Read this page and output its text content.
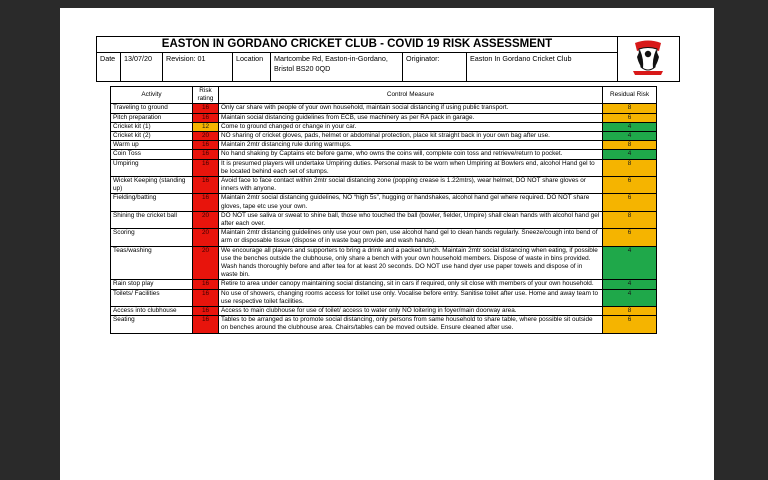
EASTON IN GORDANO CRICKET CLUB - COVID 19 RISK ASSESSMENT
Date	13/07/20	Revision: 01	Location	Martcombe Rd, Easton-in-Gordano, Bristol BS20 0QD
Originator:	Easton In Gordano Cricket Club
Activity	Risk rating	Control Measure	Residual Risk
Traveling to ground	16	Only car share with people of your own household, maintain social distancing if using public transport.	8
Pitch preparation	16	Maintain social distancing guidelines from ECB, use machinery as per RA pack in garage.	6
Cricket kit (1)	12	Come to ground changed or change in your car.	4
Cricket kit (2)	20	NO sharing of cricket gloves, pads, helmet or abdominal protection, place kit straight back in your own bag after use.	4
Warm up	16	Maintain 2mtr distancing rule during warmups.	8
Coin Toss	16	No hand shaking by Captains etc before game, who owns the coins will, complete coin toss and retrieve/return to pocket.	4
Umpiring	16	It is presumed players will undertake Umpiring duties. Personal mask to be worn when Umpiring at Bowlers end, alcohol Hand gel to be located behind each set of stumps.	8
Wicket Keeping (standing up)	16	Avoid face to face contact within 2mtr social distancing zone (popping crease is 1.22mtrs), wear helmet, DO NOT share gloves or inners with anyone.	6
Fielding/batting	16	Maintain 2mtr social distancing guidelines, NO “high 5s”, hugging or handshakes, alcohol hand gel where required. DO NOT share gloves, tape etc use your own.	6
Shining the cricket ball	20	DO NOT use saliva or sweat to shine ball, those who touched the ball (bowler, fielder, Umpire) shall clean hands with alcohol hand gel after each over.	8
Scoring	20	Maintain 2mtr distancing guidelines only use your own pen, use alcohol hand gel to clean hands regularly. Sneeze/cough into bend of arm or disposable tissue (dispose of in waste bag provide and wash hands).	6
Teas/washing	20	We encourage all players and supporters to bring a drink and a packed lunch. Maintain 2mtr social distancing when eating, if possible use the benches outside the clubhouse, only share a bench with your own household members. Dispose of waste in bins provided. Wash hands thoroughly before and after tea for at least 20 seconds. DO NOT use hand dyer use paper towels and dispose of in waste bin.	4
Rain stop play	16	Retire to area under canopy maintaining social distancing, sit in cars if required, only sit close with members of your own household.	4
Toilets/ Facilities	16	No use of showers, changing rooms access for toilet use only. Vocalise before entry. Sanitise toilet after use. Home and away team to use respective toilet facilities.	4
Access into clubhouse	16	Access to main clubhouse for use of toilet/ access to water only NO loitering in foyer/main doorway area.	8
Seating	16	Tables to be arranged as to promote social distancing, only persons from same household to share table, where possible sit outside on benches around the clubhouse area. Chairs/tables can be moved outside. Ensure cleaned after use.	6
